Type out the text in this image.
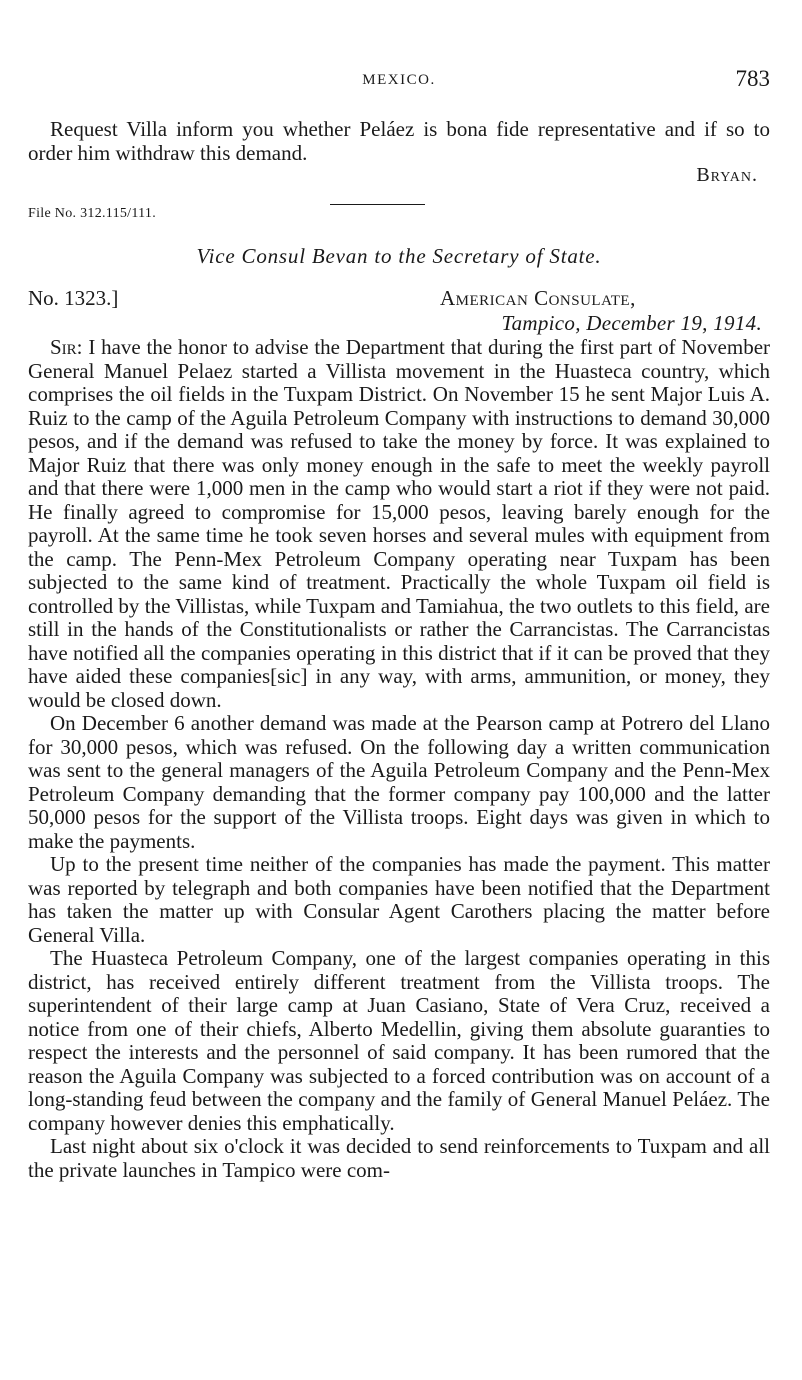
MEXICO.	783

Request Villa inform you whether Peláez is bona fide representative and if so to order him withdraw this demand.

Bryan.
File No. 312.115/111.
Vice Consul Bevan to the Secretary of State.
No. 1323.]	American Consulate,
Tampico, December 19, 1914.

Sir: I have the honor to advise the Department that during the first part of November General Manuel Pelaez started a Villista movement in the Huasteca country, which comprises the oil fields in the Tuxpam District. On November 15 he sent Major Luis A. Ruiz to the camp of the Aguila Petroleum Company with instructions to demand 30,000 pesos, and if the demand was refused to take the money by force. It was explained to Major Ruiz that there was only money enough in the safe to meet the weekly payroll and that there were 1,000 men in the camp who would start a riot if they were not paid. He finally agreed to compromise for 15,000 pesos, leaving barely enough for the payroll. At the same time he took seven horses and several mules with equipment from the camp. The Penn-Mex Petroleum Company operating near Tuxpam has been subjected to the same kind of treatment. Practically the whole Tuxpam oil field is controlled by the Villistas, while Tuxpam and Tamiahua, the two outlets to this field, are still in the hands of the Constitutionalists or rather the Carrancistas. The Carrancistas have notified all the companies operating in this district that if it can be proved that they have aided these companies[sic] in any way, with arms, ammunition, or money, they would be closed down.

On December 6 another demand was made at the Pearson camp at Potrero del Llano for 30,000 pesos, which was refused. On the following day a written communication was sent to the general managers of the Aguila Petroleum Company and the Penn-Mex Petroleum Company demanding that the former company pay 100,000 and the latter 50,000 pesos for the support of the Villista troops. Eight days was given in which to make the payments.

Up to the present time neither of the companies has made the payment. This matter was reported by telegraph and both companies have been notified that the Department has taken the matter up with Consular Agent Carothers placing the matter before General Villa.

The Huasteca Petroleum Company, one of the largest companies operating in this district, has received entirely different treatment from the Villista troops. The superintendent of their large camp at Juan Casiano, State of Vera Cruz, received a notice from one of their chiefs, Alberto Medellin, giving them absolute guaranties to respect the interests and the personnel of said company. It has been rumored that the reason the Aguila Company was subjected to a forced contribution was on account of a long-standing feud between the company and the family of General Manuel Peláez. The company however denies this emphatically.

Last night about six o'clock it was decided to send reinforcements to Tuxpam and all the private launches in Tampico were com-
